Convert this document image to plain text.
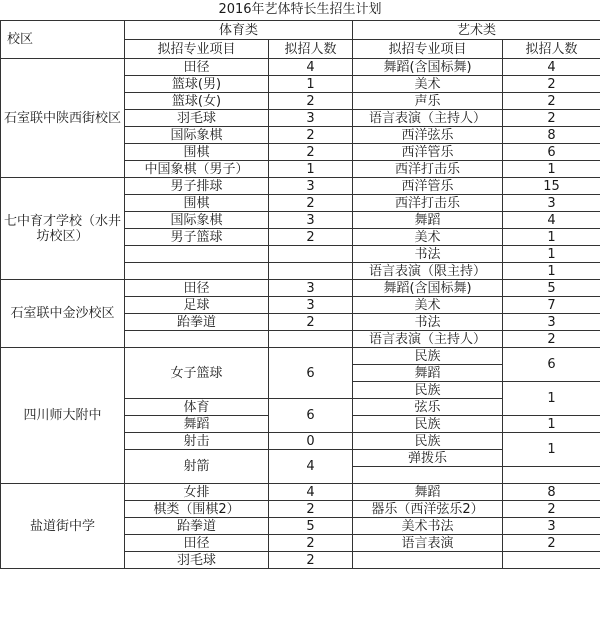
2016年艺体特长生招生计划
校区	体育类		艺术类	
	拟招专业项目	拟招人数	拟招专业项目	拟招人数
石室联中陕西街校区	田径	4	舞蹈(含国标舞)	4
	篮球(男)	1	美术	2
	篮球(女)	2	声乐	2
	羽毛球	3	语言表演（主持人）	2

	国际象棋	2	西洋弦乐	8
	围棋	2	西洋管乐	6
	中国象棋（男子）	1	西洋打击乐	1
七中育才学校（水井坊校区）	男子排球	3	西洋管乐	15
	围棋	2	西洋打击乐	3
	国际象棋	3	舞蹈	4
	男子篮球	2	美术	1
			书法	1
			语言表演（限主持）	1

石室联中金沙校区	田径	3	舞蹈(含国标舞)	5
	足球	3	美术	7
	跆拳道	2	书法	3
			语言表演（主持人）	2

四川师大附中	女子篮球	6	民族	6
			舞蹈	
			民族	1
	体育	6	弦乐	
	舞蹈		民族	1
	射击	0	民族	1
	射箭	4	弹拨乐	

盐道街中学	女排	4	舞蹈	8
	棋类（围棋2）	2	器乐（西洋弦乐2）	2
	跆拳道	5	美术书法	3
	田径	2	语言表演	2
	羽毛球	2		
